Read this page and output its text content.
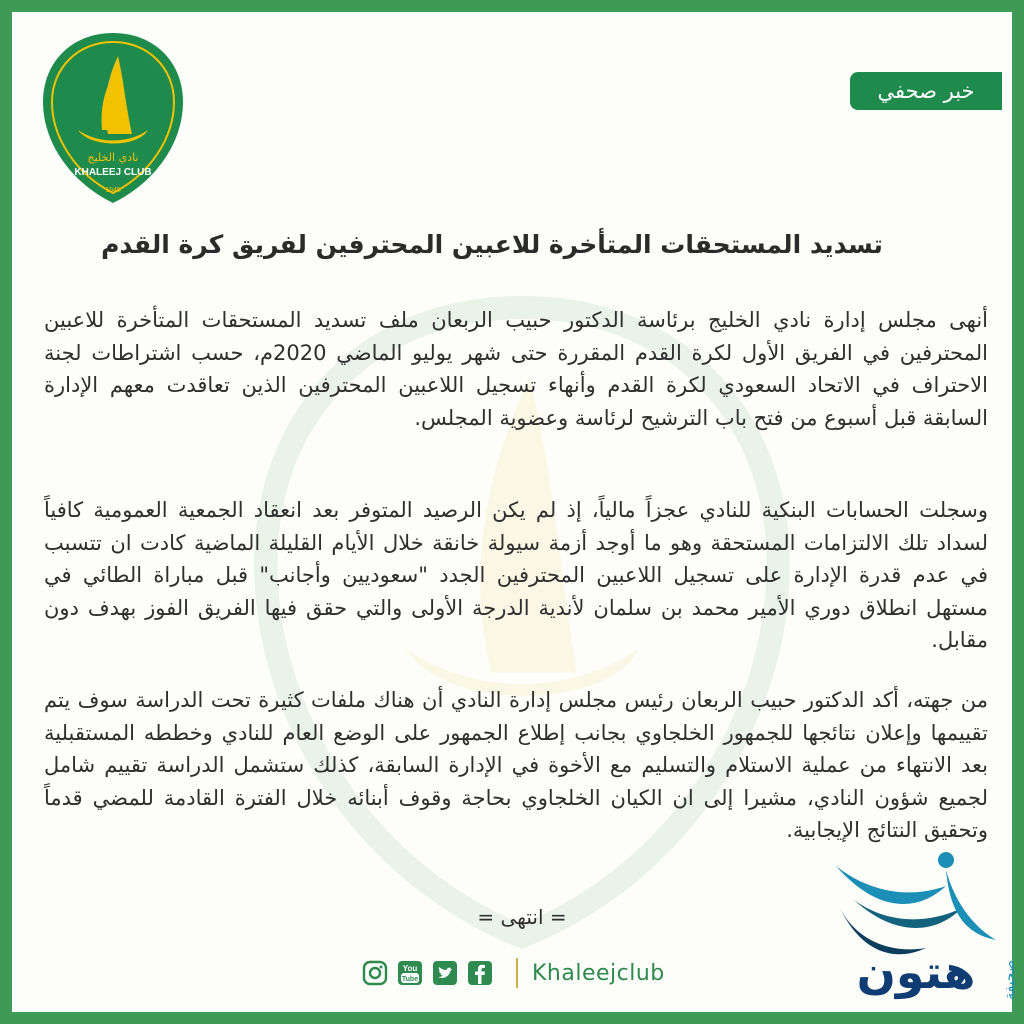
نادي الخليج
KHALEEJ CLUB
1945
خبر صحفي
تسديد المستحقات المتأخرة للاعبين المحترفين لفريق كرة القدم

أنهى مجلس إدارة نادي الخليج برئاسة الدكتور حبيب الربعان ملف تسديد المستحقات المتأخرة للاعبين المحترفين في الفريق الأول لكرة القدم المقررة حتى شهر يوليو الماضي 2020م، حسب اشتراطات لجنة الاحتراف في الاتحاد السعودي لكرة القدم وأنهاء تسجيل اللاعبين المحترفين الذين تعاقدت معهم الإدارة السابقة قبل أسبوع من فتح باب الترشيح لرئاسة وعضوية المجلس.

وسجلت الحسابات البنكية للنادي عجزاً مالياً، إذ لم يكن الرصيد المتوفر بعد انعقاد الجمعية العمومية كافياً لسداد تلك الالتزامات المستحقة وهو ما أوجد أزمة سيولة خانقة خلال الأيام القليلة الماضية كادت ان تتسبب في عدم قدرة الإدارة على تسجيل اللاعبين المحترفين الجدد "سعوديين وأجانب" قبل مباراة الطائي في مستهل انطلاق دوري الأمير محمد بن سلمان لأندية الدرجة الأولى والتي حقق فيها الفريق الفوز بهدف دون مقابل.

من جهته، أكد الدكتور حبيب الربعان رئيس مجلس إدارة النادي أن هناك ملفات كثيرة تحت الدراسة سوف يتم تقييمها وإعلان نتائجها للجمهور الخلجاوي بجانب إطلاع الجمهور على الوضع العام للنادي وخططه المستقبلية بعد الانتهاء من عملية الاستلام والتسليم مع الأخوة في الإدارة السابقة، كذلك ستشمل الدراسة تقييم شامل لجميع شؤون النادي، مشيرا إلى ان الكيان الخلجاوي بحاجة وقوف أبنائه خلال الفترة القادمة للمضي قدماً وتحقيق النتائج الإيجابية.

= انتهى =
You
Tube	Khaleejclub	هتون صحيفة
